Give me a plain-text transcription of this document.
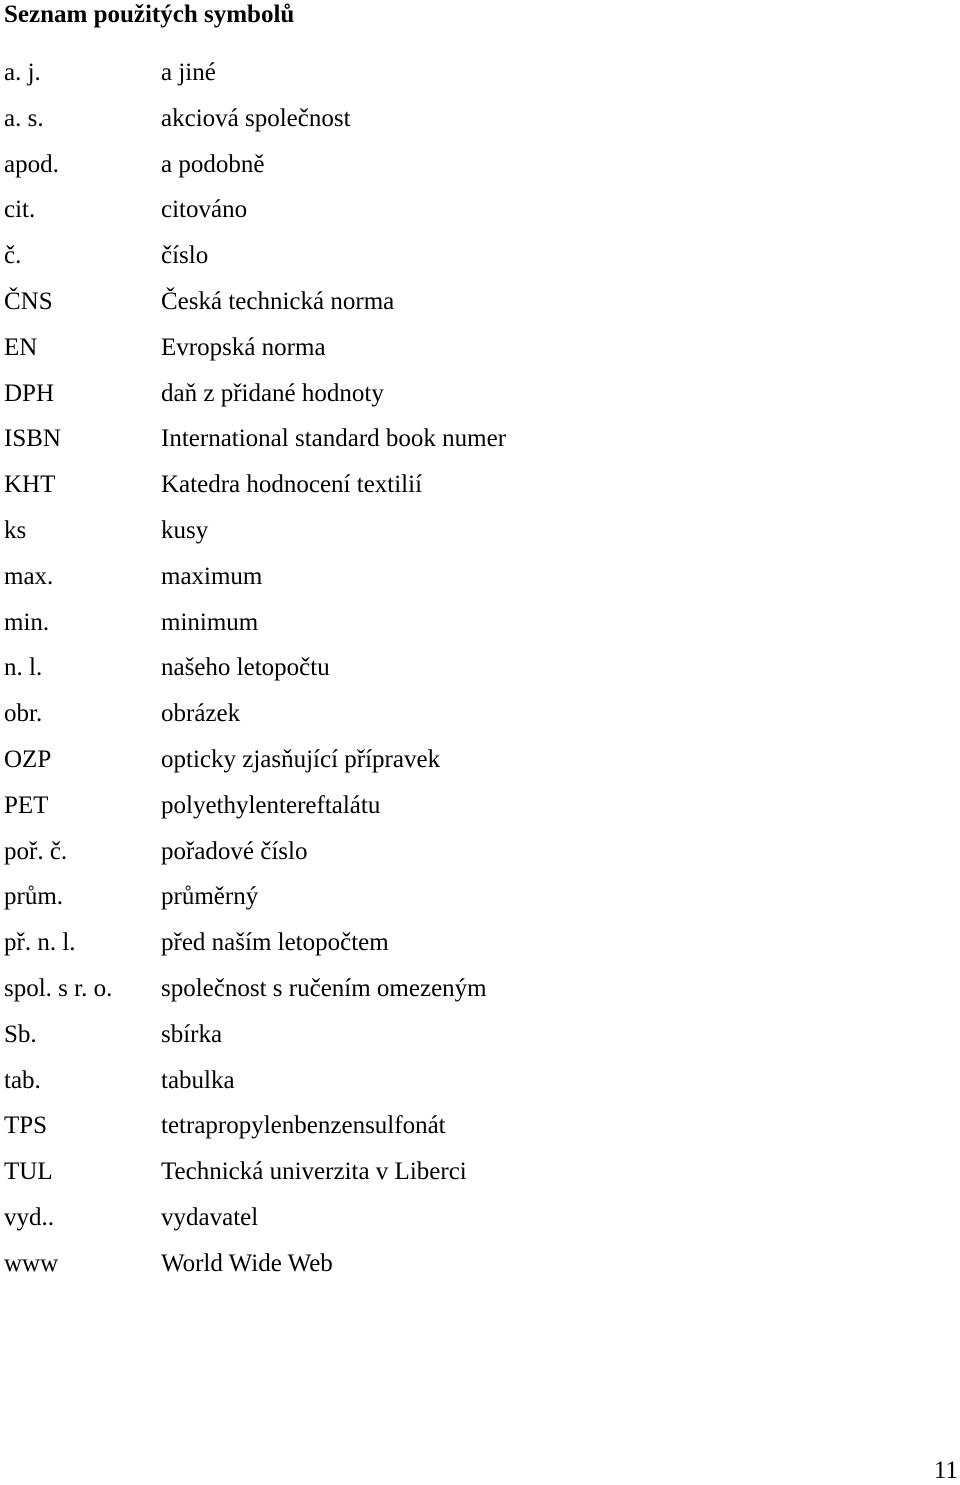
Seznam použitých symbolů
a. j.	a jiné
a. s.	akciová společnost
apod.	a podobně
cit.	citováno
č.	číslo
ČNS	Česká technická norma
EN	Evropská norma
DPH	daň z přidané hodnoty
ISBN	International standard book numer
KHT	Katedra hodnocení textilií
ks	kusy
max.	maximum
min.	minimum
n. l.	našeho letopočtu
obr.	obrázek
OZP	opticky zjasňující přípravek
PET	polyethylentereftalátu
poř. č.	pořadové číslo
prům.	průměrný
př. n. l.	před naším letopočtem
spol. s r. o.	společnost s ručením omezeným
Sb.	sbírka
tab.	tabulka
TPS	tetrapropylenbenzensulfonát
TUL	Technická univerzita v Liberci
vyd..	vydavatel
www	World Wide Web
11
